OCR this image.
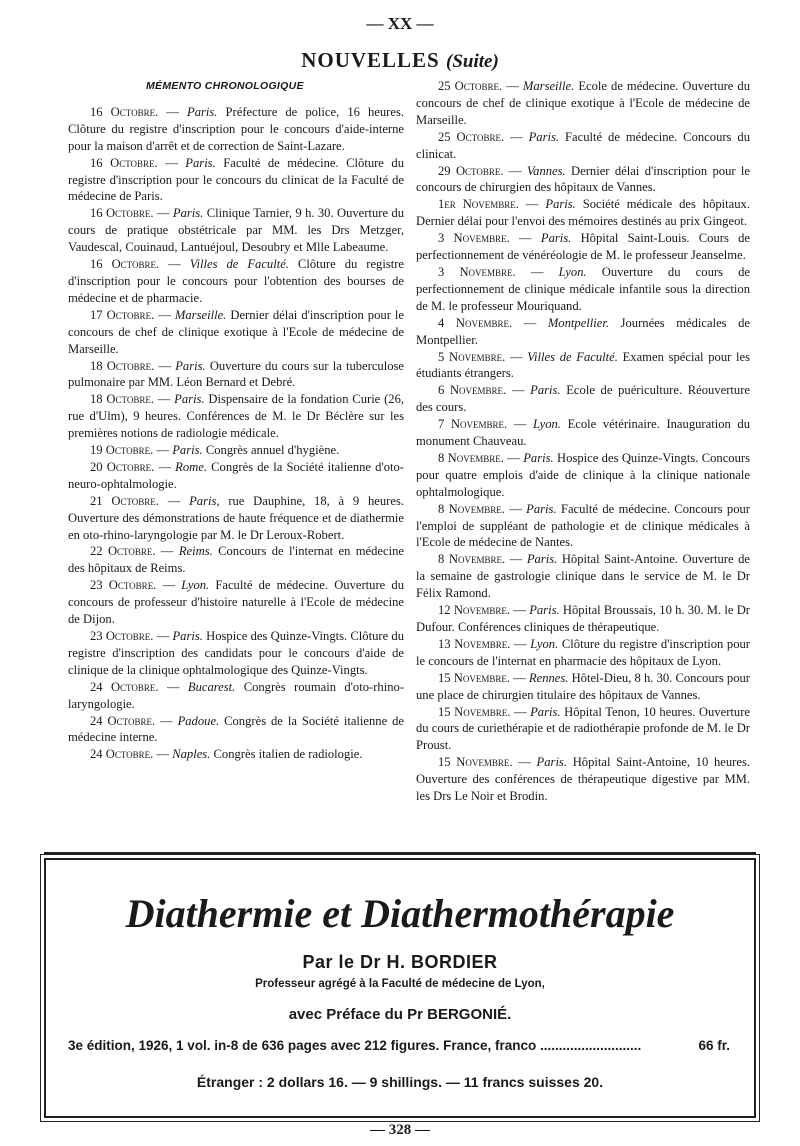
— XX —
NOUVELLES (Suite)
MÉMENTO CHRONOLOGIQUE

16 Octobre. — Paris. Préfecture de police, 16 heures. Clôture du registre d'inscription pour le concours d'aide-interne pour la maison d'arrêt et de correction de Saint-Lazare.

16 Octobre. — Paris. Faculté de médecine. Clôture du registre d'inscription pour le concours du clinicat de la Faculté de médecine de Paris.

16 Octobre. — Paris. Clinique Tarnier, 9 h. 30. Ouverture du cours de pratique obstétricale par MM. les Drs Metzger, Vaudescal, Couinaud, Lantuéjoul, Desoubry et Mlle Labeaume.

16 Octobre. — Villes de Faculté. Clôture du registre d'inscription pour le concours pour l'obtention des bourses de médecine et de pharmacie.

17 Octobre. — Marseille. Dernier délai d'inscription pour le concours de chef de clinique exotique à l'Ecole de médecine de Marseille.

18 Octobre. — Paris. Ouverture du cours sur la tuberculose pulmonaire par MM. Léon Bernard et Debré.

18 Octobre. — Paris. Dispensaire de la fondation Curie (26, rue d'Ulm), 9 heures. Conférences de M. le Dr Béclère sur les premières notions de radiologie médicale.

19 Octobre. — Paris. Congrès annuel d'hygiène.

20 Octobre. — Rome. Congrès de la Société italienne d'oto-neuro-ophtalmologie.

21 Octobre. — Paris, rue Dauphine, 18, à 9 heures. Ouverture des démonstrations de haute fréquence et de diathermie en oto-rhino-laryngologie par M. le Dr Leroux-Robert.

22 Octobre. — Reims. Concours de l'internat en médecine des hôpitaux de Reims.

23 Octobre. — Lyon. Faculté de médecine. Ouverture du concours de professeur d'histoire naturelle à l'Ecole de médecine de Dijon.

23 Octobre. — Paris. Hospice des Quinze-Vingts. Clôture du registre d'inscription des candidats pour le concours d'aide de clinique de la clinique ophtalmologique des Quinze-Vingts.

24 Octobre. — Bucarest. Congrès roumain d'oto-rhino-laryngologie.

24 Octobre. — Padoue. Congrès de la Société italienne de médecine interne.

24 Octobre. — Naples. Congrès italien de radiologie.

25 Octobre. — Marseille. Ecole de médecine. Ouverture du concours de chef de clinique exotique à l'Ecole de médecine de Marseille.

25 Octobre. — Paris. Faculté de médecine. Concours du clinicat.

29 Octobre. — Vannes. Dernier délai d'inscription pour le concours de chirurgien des hôpitaux de Vannes.

1er Novembre. — Paris. Société médicale des hôpitaux. Dernier délai pour l'envoi des mémoires destinés au prix Gingeot.

3 Novembre. — Paris. Hôpital Saint-Louis. Cours de perfectionnement de vénéréologie de M. le professeur Jeanselme.

3 Novembre. — Lyon. Ouverture du cours de perfectionnement de clinique médicale infantile sous la direction de M. le professeur Mouriquand.

4 Novembre. — Montpellier. Journées médicales de Montpellier.

5 Novembre. — Villes de Faculté. Examen spécial pour les étudiants étrangers.

6 Novembre. — Paris. Ecole de puériculture. Réouverture des cours.

7 Novembre. — Lyon. Ecole vétérinaire. Inauguration du monument Chauveau.

8 Novembre. — Paris. Hospice des Quinze-Vingts. Concours pour quatre emplois d'aide de clinique à la clinique nationale ophtalmologique.

8 Novembre. — Paris. Faculté de médecine. Concours pour l'emploi de suppléant de pathologie et de clinique médicales à l'Ecole de médecine de Nantes.

8 Novembre. — Paris. Hôpital Saint-Antoine. Ouverture de la semaine de gastrologie clinique dans le service de M. le Dr Félix Ramond.

12 Novembre. — Paris. Hôpital Broussais, 10 h. 30. M. le Dr Dufour. Conférences cliniques de thérapeutique.

13 Novembre. — Lyon. Clôture du registre d'inscription pour le concours de l'internat en pharmacie des hôpitaux de Lyon.

15 Novembre. — Rennes. Hôtel-Dieu, 8 h. 30. Concours pour une place de chirurgien titulaire des hôpitaux de Vannes.

15 Novembre. — Paris. Hôpital Tenon, 10 heures. Ouverture du cours de curiethérapie et de radiothérapie profonde de M. le Dr Proust.

15 Novembre. — Paris. Hôpital Saint-Antoine, 10 heures. Ouverture des conférences de thérapeutique digestive par MM. les Drs Le Noir et Brodin.

Diathermie et Diathermothérapie
Par le Dr H. BORDIER
Professeur agrégé à la Faculté de médecine de Lyon,
avec Préface du Pr BERGONIÉ.
3e édition, 1926, 1 vol. in-8 de 636 pages avec 212 figures. France, franco ...........................	66 fr.
Étranger : 2 dollars 16. — 9 shillings. — 11 francs suisses 20.
— 328 —
